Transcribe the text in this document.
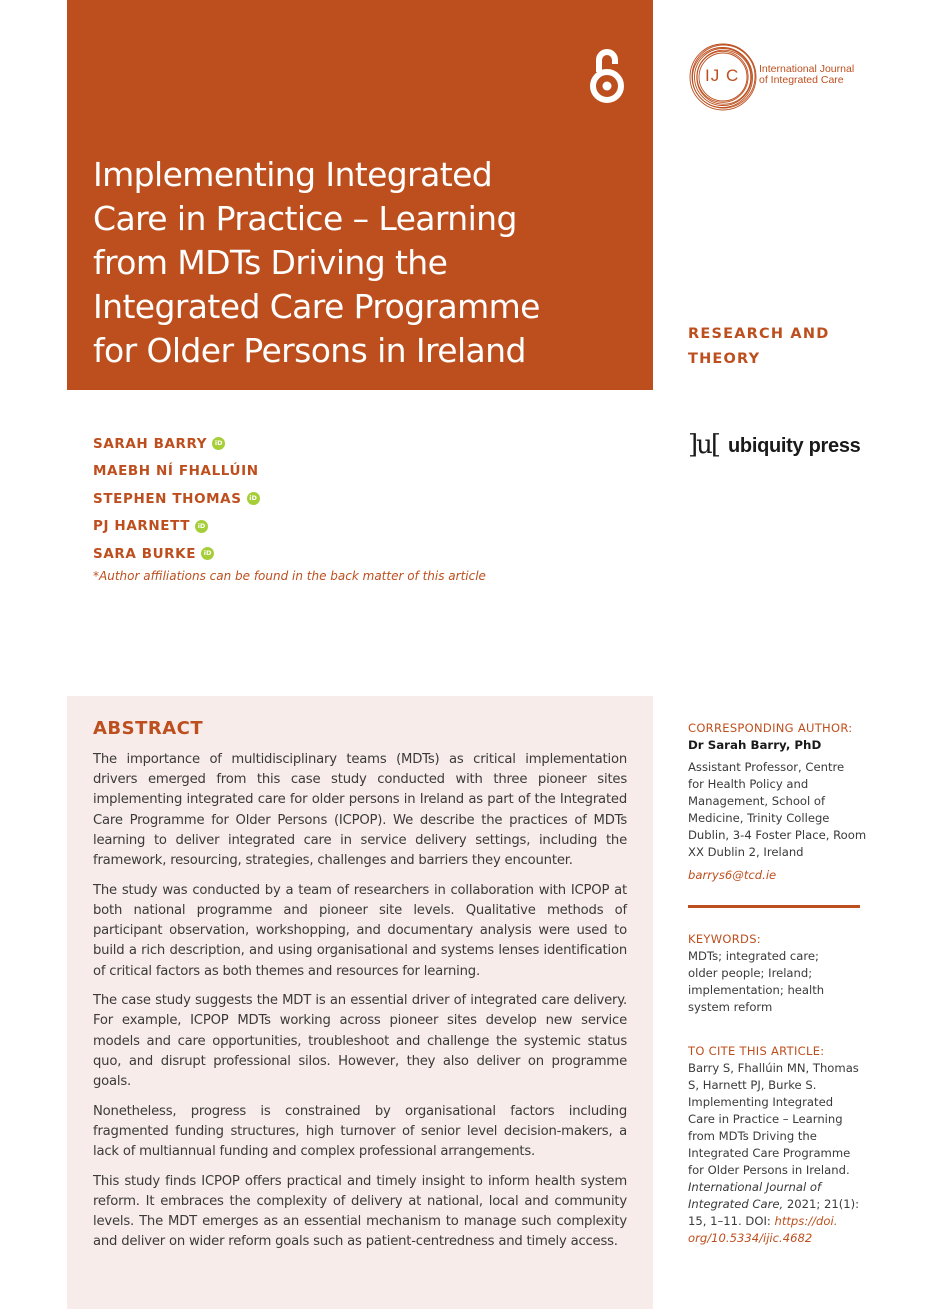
Implementing Integrated
Care in Practice – Learning
from MDTs Driving the
Integrated Care Programme
for Older Persons in Ireland
IJ C International Journal
of Integrated Care
RESEARCH AND
THEORY
]u[ ubiquity press
SARAH BARRY	iD
MAEBH NÍ FHALLÚIN
STEPHEN THOMAS	iD
PJ HARNETT	iD
SARA BURKE	iD
*Author affiliations can be found in the back matter of this article
ABSTRACT

The importance of multidisciplinary teams (MDTs) as critical implementation drivers emerged from this case study conducted with three pioneer sites implementing integrated care for older persons in Ireland as part of the Integrated Care Programme for Older Persons (ICPOP). We describe the practices of MDTs learning to deliver integrated care in service delivery settings, including the framework, resourcing, strategies, challenges and barriers they encounter.

The study was conducted by a team of researchers in collaboration with ICPOP at both national programme and pioneer site levels. Qualitative methods of participant observation, workshopping, and documentary analysis were used to build a rich description, and using organisational and systems lenses identification of critical factors as both themes and resources for learning.

The case study suggests the MDT is an essential driver of integrated care delivery. For example, ICPOP MDTs working across pioneer sites develop new service models and care opportunities, troubleshoot and challenge the systemic status quo, and disrupt professional silos. However, they also deliver on programme goals.

Nonetheless, progress is constrained by organisational factors including fragmented funding structures, high turnover of senior level decision-makers, a lack of multiannual funding and complex professional arrangements.

This study finds ICPOP offers practical and timely insight to inform health system reform. It embraces the complexity of delivery at national, local and community levels. The MDT emerges as an essential mechanism to manage such complexity and deliver on wider reform goals such as patient-centredness and timely access.

CORRESPONDING AUTHOR:
Dr Sarah Barry, PhD
Assistant Professor, Centre
for Health Policy and
Management, School of
Medicine, Trinity College
Dublin, 3-4 Foster Place, Room
XX Dublin 2, Ireland
barrys6@tcd.ie
KEYWORDS:
MDTs; integrated care;
older people; Ireland;
implementation; health
system reform
TO CITE THIS ARTICLE:
Barry S, Fhallúin MN, Thomas
S, Harnett PJ, Burke S.
Implementing Integrated
Care in Practice – Learning
from MDTs Driving the
Integrated Care Programme
for Older Persons in Ireland.
International Journal of
Integrated Care, 2021; 21(1):
15, 1–11. DOI: https://doi.
org/10.5334/ijic.4682
